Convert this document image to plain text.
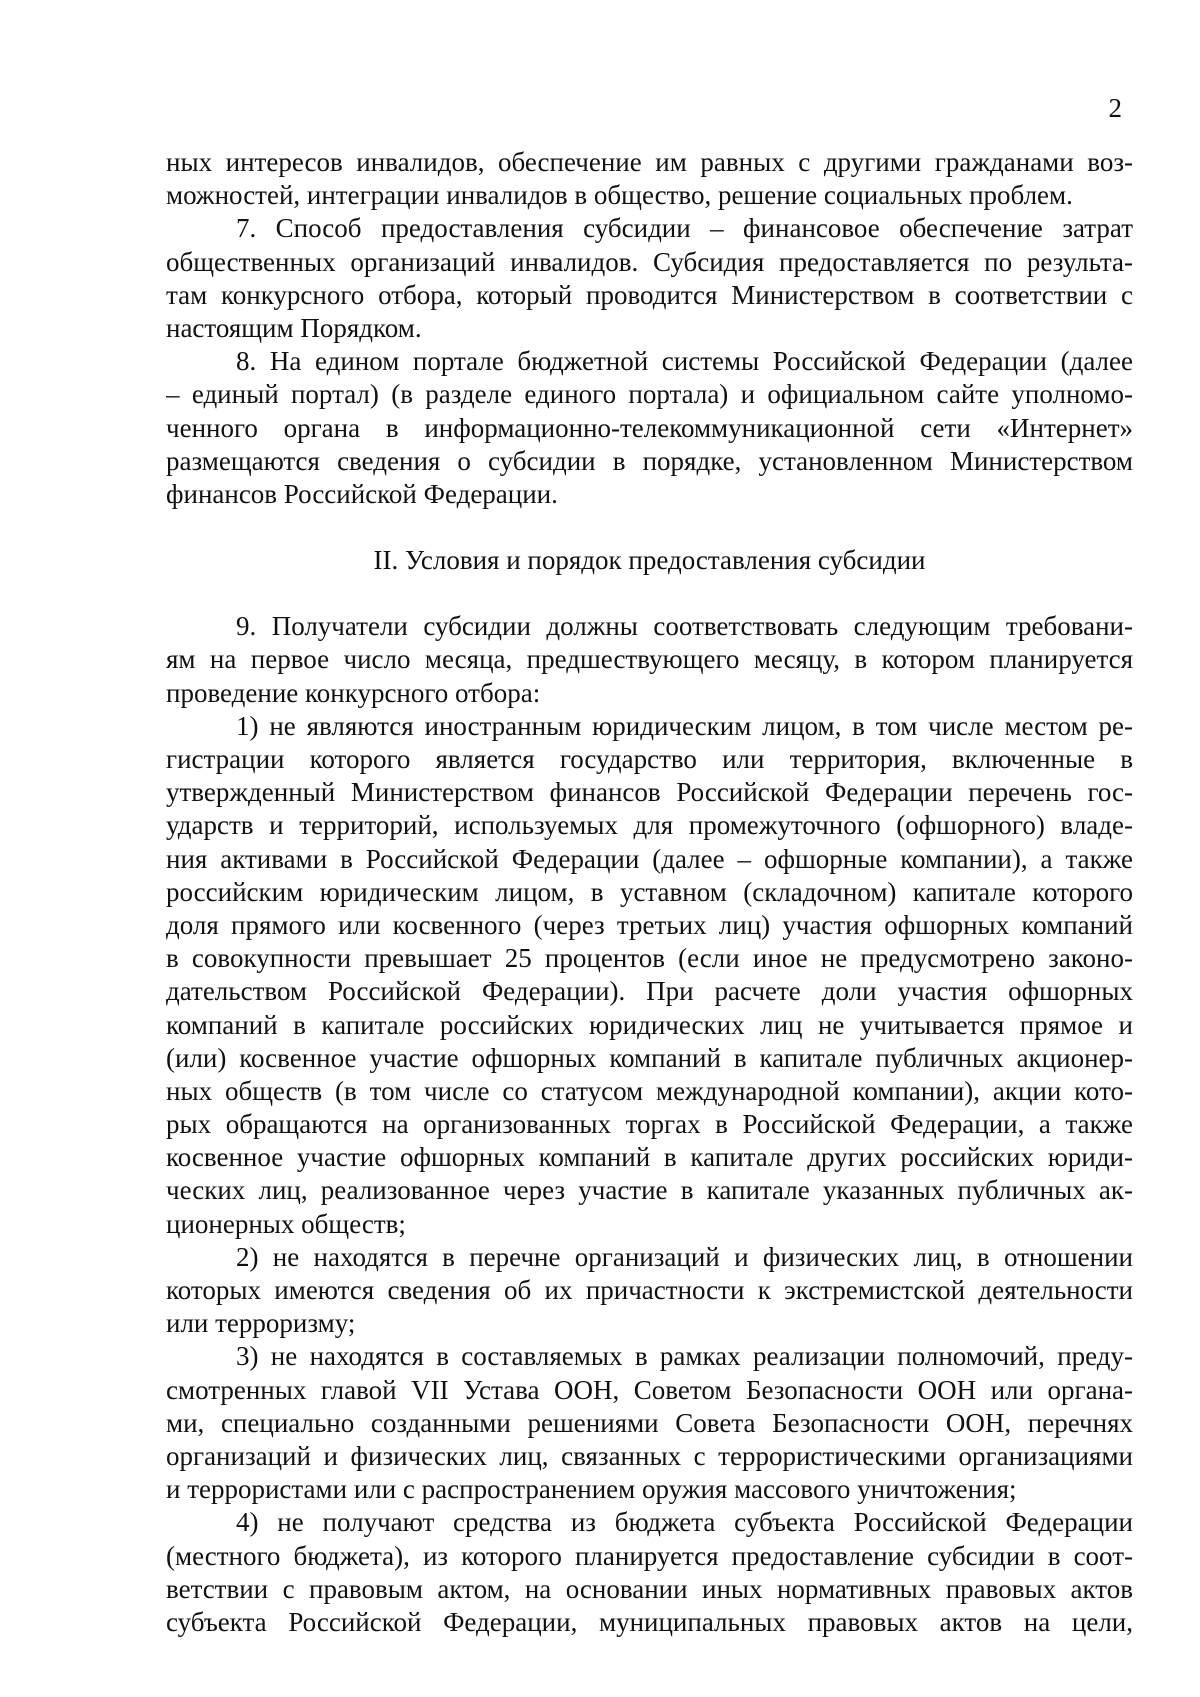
2
ных интересов инвалидов, обеспечение им равных с другими гражданами воз-
можностей, интеграции инвалидов в общество, решение социальных проблем.
7. Способ предоставления субсидии – финансовое обеспечение затрат
общественных организаций инвалидов. Субсидия предоставляется по результа-
там конкурсного отбора, который проводится Министерством в соответствии с
настоящим Порядком.
8. На едином портале бюджетной системы Российской Федерации (далее
– единый портал) (в разделе единого портала) и официальном сайте уполномо-
ченного органа в информационно-телекоммуникационной сети «Интернет»
размещаются сведения о субсидии в порядке, установленном Министерством
финансов Российской Федерации.
II. Условия и порядок предоставления субсидии
9. Получатели субсидии должны соответствовать следующим требовани-
ям на первое число месяца, предшествующего месяцу, в котором планируется
проведение конкурсного отбора:
1) не являются иностранным юридическим лицом, в том числе местом ре-
гистрации которого является государство или территория, включенные в
утвержденный Министерством финансов Российской Федерации перечень гос-
ударств и территорий, используемых для промежуточного (офшорного) владе-
ния активами в Российской Федерации (далее – офшорные компании), а также
российским юридическим лицом, в уставном (складочном) капитале которого
доля прямого или косвенного (через третьих лиц) участия офшорных компаний
в совокупности превышает 25 процентов (если иное не предусмотрено законо-
дательством Российской Федерации). При расчете доли участия офшорных
компаний в капитале российских юридических лиц не учитывается прямое и
(или) косвенное участие офшорных компаний в капитале публичных акционер-
ных обществ (в том числе со статусом международной компании), акции кото-
рых обращаются на организованных торгах в Российской Федерации, а также
косвенное участие офшорных компаний в капитале других российских юриди-
ческих лиц, реализованное через участие в капитале указанных публичных ак-
ционерных обществ;
2) не находятся в перечне организаций и физических лиц, в отношении
которых имеются сведения об их причастности к экстремистской деятельности
или терроризму;
3) не находятся в составляемых в рамках реализации полномочий, преду-
смотренных главой VII Устава ООН, Советом Безопасности ООН или органа-
ми, специально созданными решениями Совета Безопасности ООН, перечнях
организаций и физических лиц, связанных с террористическими организациями
и террористами или с распространением оружия массового уничтожения;
4) не получают средства из бюджета субъекта Российской Федерации
(местного бюджета), из которого планируется предоставление субсидии в соот-
ветствии с правовым актом, на основании иных нормативных правовых актов
субъекта Российской Федерации, муниципальных правовых актов на цели,
